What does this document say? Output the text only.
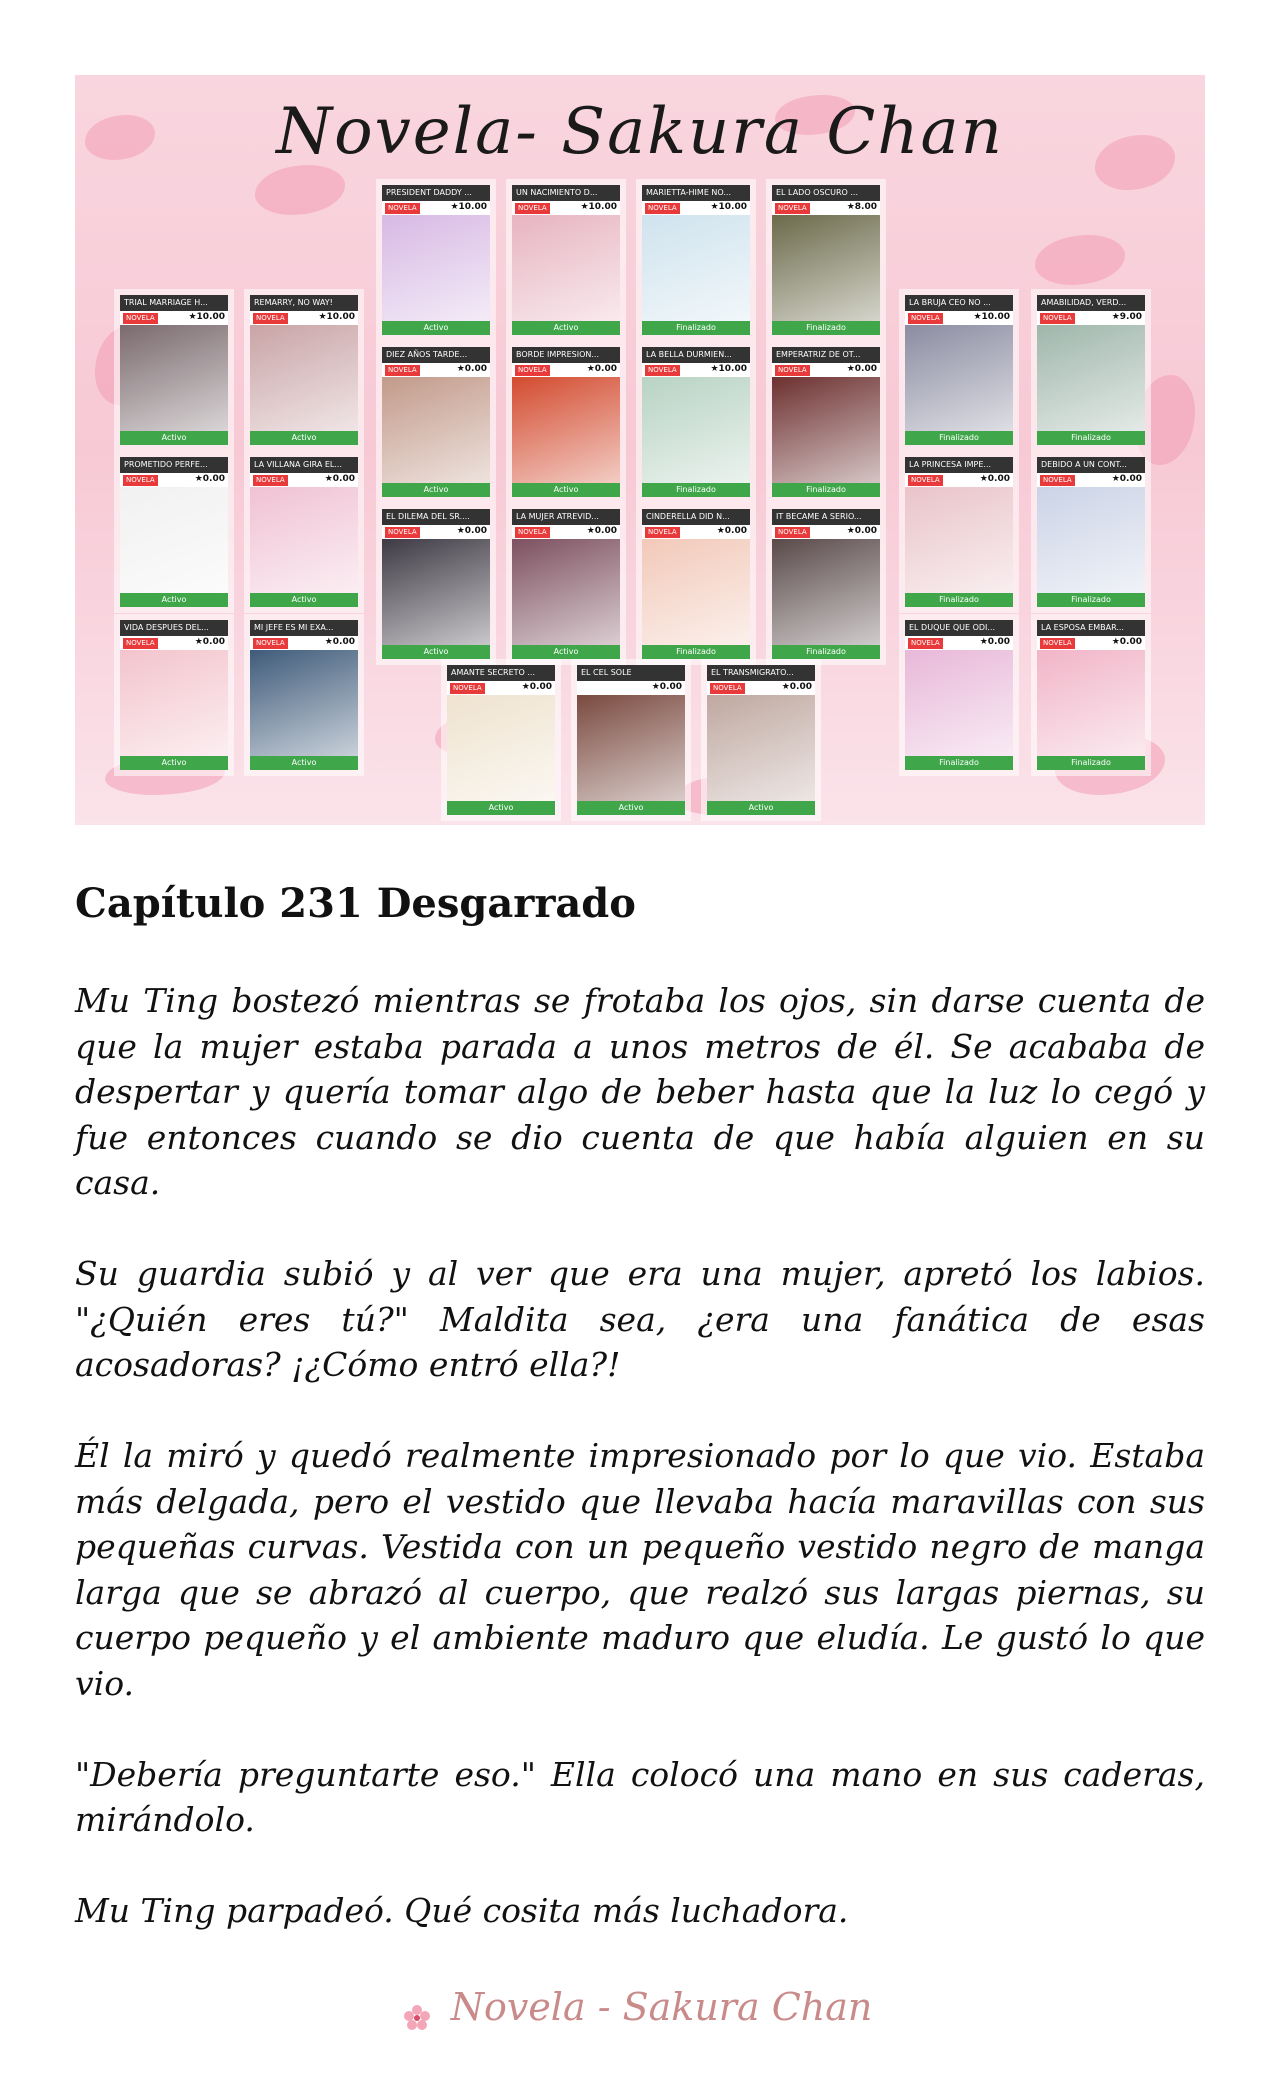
Novela- Sakura Chan
TRIAL MARRIAGE H...
NOVELA	★10.00
Activo
REMARRY, NO WAY!
NOVELA	★10.00
Activo
PRESIDENT DADDY ...
NOVELA	★10.00
Activo
UN NACIMIENTO D...
NOVELA	★10.00
Activo
MARIETTA-HIME NO...
NOVELA	★10.00
Finalizado
EL LADO OSCURO ...
NOVELA	★8.00
Finalizado
LA BRUJA CEO NO ...
NOVELA	★10.00
Finalizado
AMABILIDAD, VERD...
NOVELA	★9.00
Finalizado
DIEZ AÑOS TARDE...
NOVELA	★0.00
Activo
BORDE IMPRESION...
NOVELA	★0.00
Activo
LA BELLA DURMIEN...
NOVELA	★10.00
Finalizado
EMPERATRIZ DE OT...
NOVELA	★0.00
Finalizado
PROMETIDO PERFE...
NOVELA	★0.00
Activo
LA VILLANA GIRA EL...
NOVELA	★0.00
Activo
LA PRINCESA IMPE...
NOVELA	★0.00
Finalizado
DEBIDO A UN CONT...
NOVELA	★0.00
Finalizado
EL DILEMA DEL SR....
NOVELA	★0.00
Activo
LA MUJER ATREVID...
NOVELA	★0.00
Activo
CINDERELLA DID N...
NOVELA	★0.00
Finalizado
IT BECAME A SERIO...
NOVELA	★0.00
Finalizado
VIDA DESPUES DEL...
NOVELA	★0.00
Activo
MI JEFE ES MI EXA...
NOVELA	★0.00
Activo
EL DUQUE QUE ODI...
NOVELA	★0.00
Finalizado
LA ESPOSA EMBAR...
NOVELA	★0.00
Finalizado
AMANTE SECRETO ...
NOVELA	★0.00
Activo
EL CEL SOLE
★0.00
Activo
EL TRANSMIGRATO...
NOVELA	★0.00
Activo
Capítulo 231 Desgarrado

Mu Ting bostezó mientras se frotaba los ojos, sin darse cuenta de que la mujer estaba parada a unos metros de él. Se acababa de despertar y quería tomar algo de beber hasta que la luz lo cegó y fue entonces cuando se dio cuenta de que había alguien en su casa.

Su guardia subió y al ver que era una mujer, apretó los labios. "¿Quién eres tú?" Maldita sea, ¿era una fanática de esas acosadoras? ¡¿Cómo entró ella?!

Él la miró y quedó realmente impresionado por lo que vio. Estaba más delgada, pero el vestido que llevaba hacía maravillas con sus pequeñas curvas. Vestida con un pequeño vestido negro de manga larga que se abrazó al cuerpo, que realzó sus largas piernas, su cuerpo pequeño y el ambiente maduro que eludía. Le gustó lo que vio.

"Debería preguntarte eso." Ella colocó una mano en sus caderas, mirándolo.

Mu Ting parpadeó. Qué cosita más luchadora.

Novela - Sakura Chan
